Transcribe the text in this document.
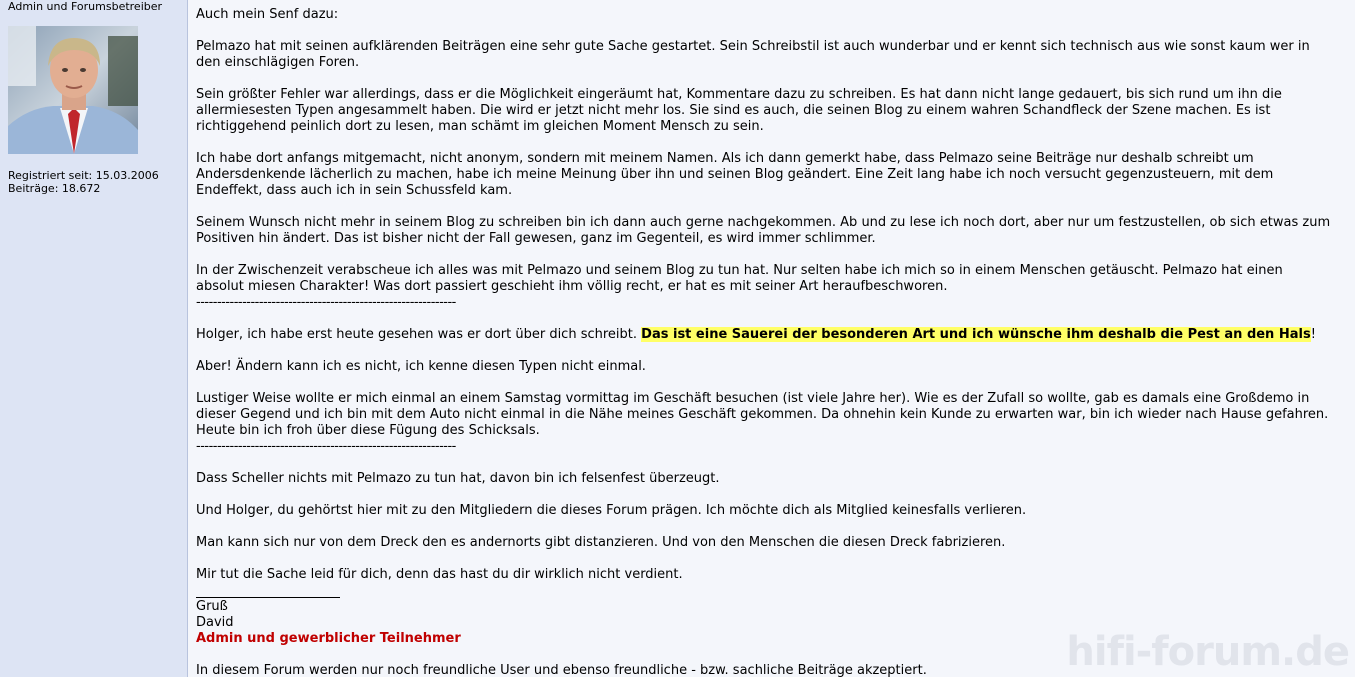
Admin und Forumsbetreiber
Registriert seit: 15.03.2006
Beiträge: 18.672
Auch mein Senf dazu:
Pelmazo hat mit seinen aufklärenden Beiträgen eine sehr gute Sache gestartet. Sein Schreibstil ist auch wunderbar und er kennt sich technisch aus wie sonst kaum wer in
den einschlägigen Foren.
Sein größter Fehler war allerdings, dass er die Möglichkeit eingeräumt hat, Kommentare dazu zu schreiben. Es hat dann nicht lange gedauert, bis sich rund um ihn die
allermiesesten Typen angesammelt haben. Die wird er jetzt nicht mehr los. Sie sind es auch, die seinen Blog zu einem wahren Schandfleck der Szene machen. Es ist
richtiggehend peinlich dort zu lesen, man schämt im gleichen Moment Mensch zu sein.
Ich habe dort anfangs mitgemacht, nicht anonym, sondern mit meinem Namen. Als ich dann gemerkt habe, dass Pelmazo seine Beiträge nur deshalb schreibt um
Andersdenkende lächerlich zu machen, habe ich meine Meinung über ihn und seinen Blog geändert. Eine Zeit lang habe ich noch versucht gegenzusteuern, mit dem
Endeffekt, dass auch ich in sein Schussfeld kam.
Seinem Wunsch nicht mehr in seinem Blog zu schreiben bin ich dann auch gerne nachgekommen. Ab und zu lese ich noch dort, aber nur um festzustellen, ob sich etwas zum
Positiven hin ändert. Das ist bisher nicht der Fall gewesen, ganz im Gegenteil, es wird immer schlimmer.
In der Zwischenzeit verabscheue ich alles was mit Pelmazo und seinem Blog zu tun hat. Nur selten habe ich mich so in einem Menschen getäuscht. Pelmazo hat einen
absolut miesen Charakter! Was dort passiert geschieht ihm völlig recht, er hat es mit seiner Art heraufbeschworen.
--------------------------------------------------------------
Holger, ich habe erst heute gesehen was er dort über dich schreibt. Das ist eine Sauerei der besonderen Art und ich wünsche ihm deshalb die Pest an den Hals!
Aber! Ändern kann ich es nicht, ich kenne diesen Typen nicht einmal.
Lustiger Weise wollte er mich einmal an einem Samstag vormittag im Geschäft besuchen (ist viele Jahre her). Wie es der Zufall so wollte, gab es damals eine Großdemo in
dieser Gegend und ich bin mit dem Auto nicht einmal in die Nähe meines Geschäft gekommen. Da ohnehin kein Kunde zu erwarten war, bin ich wieder nach Hause gefahren.
Heute bin ich froh über diese Fügung des Schicksals.
--------------------------------------------------------------
Dass Scheller nichts mit Pelmazo zu tun hat, davon bin ich felsenfest überzeugt.
Und Holger, du gehörtst hier mit zu den Mitgliedern die dieses Forum prägen. Ich möchte dich als Mitglied keinesfalls verlieren.
Man kann sich nur von dem Dreck den es andernorts gibt distanzieren. Und von den Menschen die diesen Dreck fabrizieren.
Mir tut die Sache leid für dich, denn das hast du dir wirklich nicht verdient.
Gruß
David
Admin und gewerblicher Teilnehmer
In diesem Forum werden nur noch freundliche User und ebenso freundliche - bzw. sachliche Beiträge akzeptiert.	hifi-forum.de
